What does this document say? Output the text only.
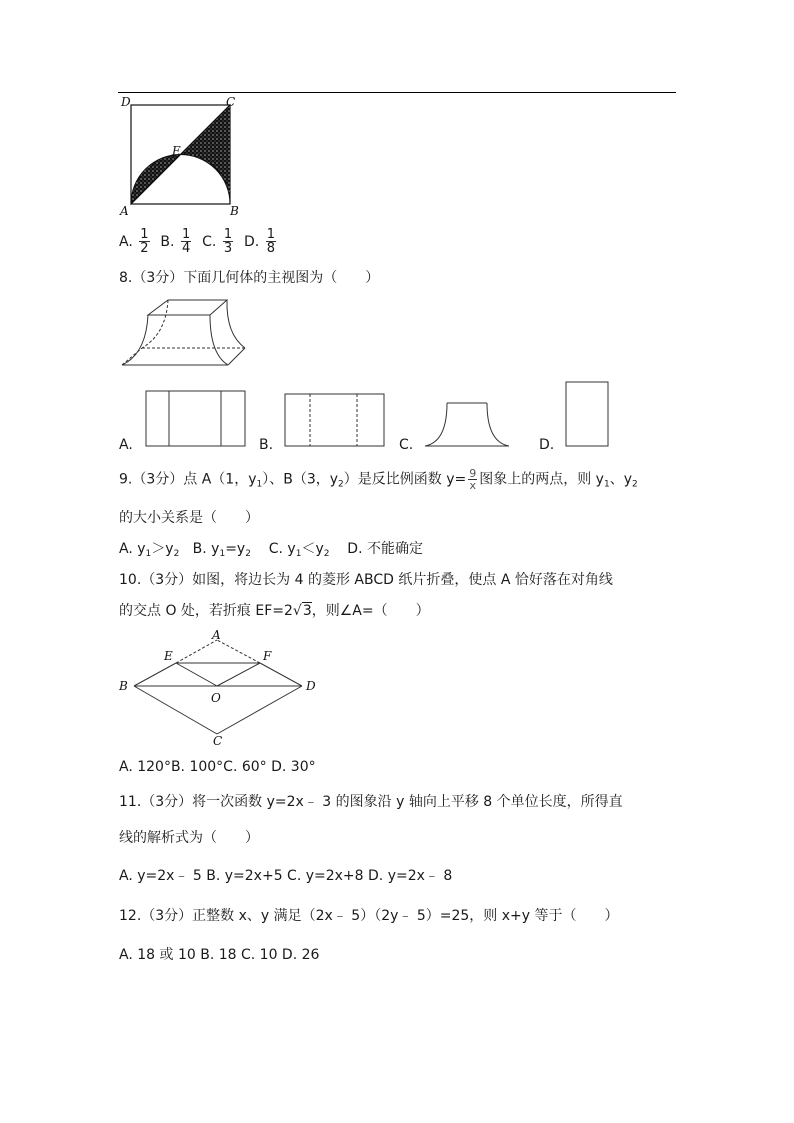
D	C
E
A	B
A. $\frac{1}{2} B$. $\frac{1}{4} C$. $\frac{1}{3} D$. $\frac{1}{8}$
8.（3分）下面几何体的主视图为（　　）
A.	B.	C.	D.
9.（3分）点 A（1，$y_1$）、B（3，$y_2$）是反比例函数 $y= \frac{9}{x}$ 图象上的两点，则 $y_1$、$y_2$
的大小关系是（　　）
A. $y_1>y_2$ B. $y_1=y_2$ C. $y_1<y_2$ D. 不能确定
10.（3分）如图，将边长为 4 的菱形 ABCD 纸片折叠，使点 A 恰好落在对角线
的交点 O 处，若折痕 EF=2√3，则∠A=（　　）
A
E	F
B	D
O
C
A. 120°B. 100°C. 60° D. 30°
11.（3分）将一次函数 y=2x﹣ 3 的图象沿 y 轴向上平移 8 个单位长度，所得直
线的解析式为（　　）
A. y=2x﹣ 5 B. y=2x+5 C. y=2x+8 D. y=2x﹣ 8
12.（3分）正整数 x、y 满足（2x﹣ 5）（2y﹣ 5）=25，则 x+y 等于（　　）
A. 18 或 10 B. 18 C. 10 D. 26
